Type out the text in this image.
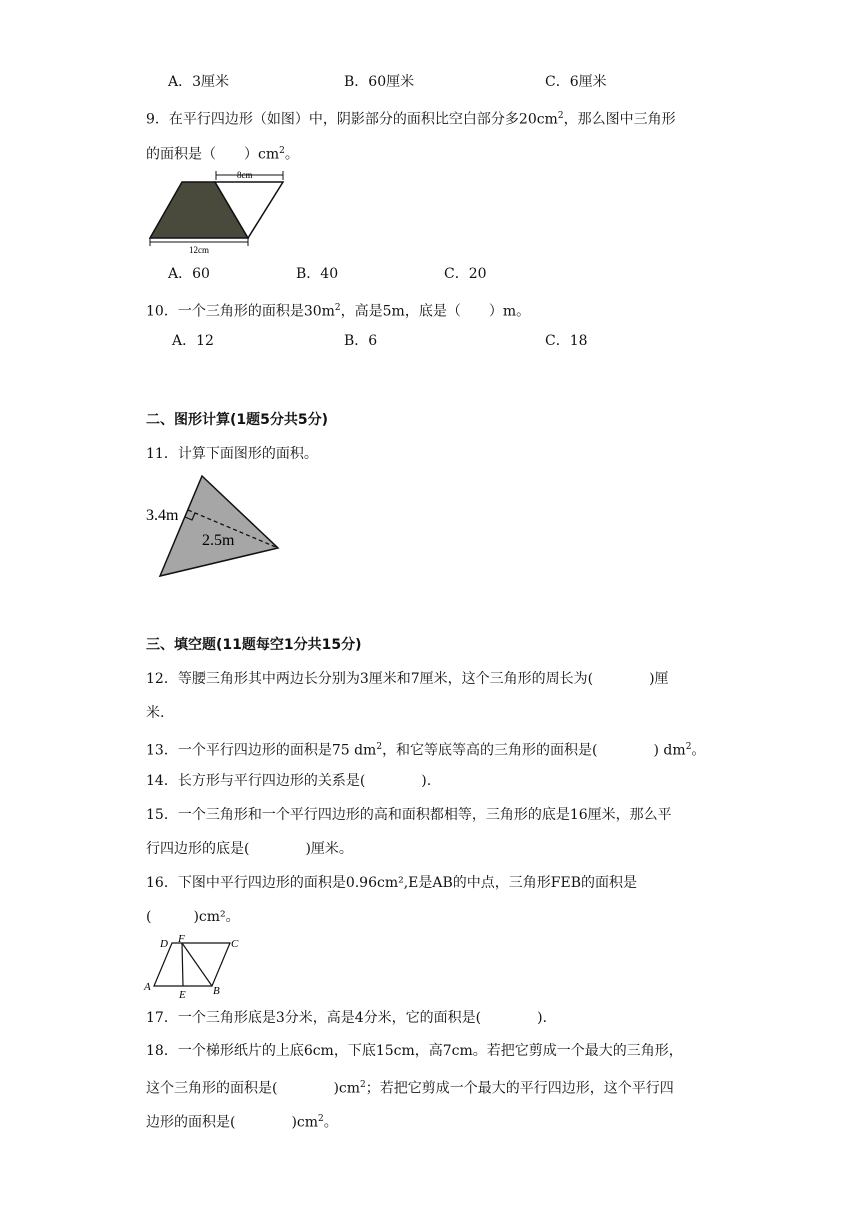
A．3厘米	B．60厘米	C．6厘米
9．在平行四边形（如图）中，阴影部分的面积比空白部分多$20cm^2$，那么图中三角形
的面积是（　　）$cm^2$。
8cm
12cm
A．60	B．40	C．20
10．一个三角形的面积是$30m^2$，高是5m，底是（　　）m。
A．12	B．6	C．18
二、图形计算(1题5分共5分)
11．计算下面图形的面积。
3.4m
2.5m
三、填空题(11题每空1分共15分)
12．等腰三角形其中两边长分别为3厘米和7厘米，这个三角形的周长为(　　　　)厘
米.
13．一个平行四边形的面积是75 $dm^2$，和它等底等高的三角形的面积是(　　　　) $dm^2$。
14．长方形与平行四边形的关系是(　　　　).
15．一个三角形和一个平行四边形的高和面积都相等，三角形的底是16厘米，那么平
行四边形的底是(　　　　)厘米。
16．下图中平行四边形的面积是0.96cm²,E是AB的中点，三角形FEB的面积是
(　　　)cm²。
D F	C
A
E B
17．一个三角形底是3分米，高是4分米，它的面积是(　　　　).
18．一个梯形纸片的上底6cm，下底15cm，高7cm。若把它剪成一个最大的三角形，
这个三角形的面积是(　　　　)$cm^2$；若把它剪成一个最大的平行四边形，这个平行四
边形的面积是(　　　　)$cm^2$。
